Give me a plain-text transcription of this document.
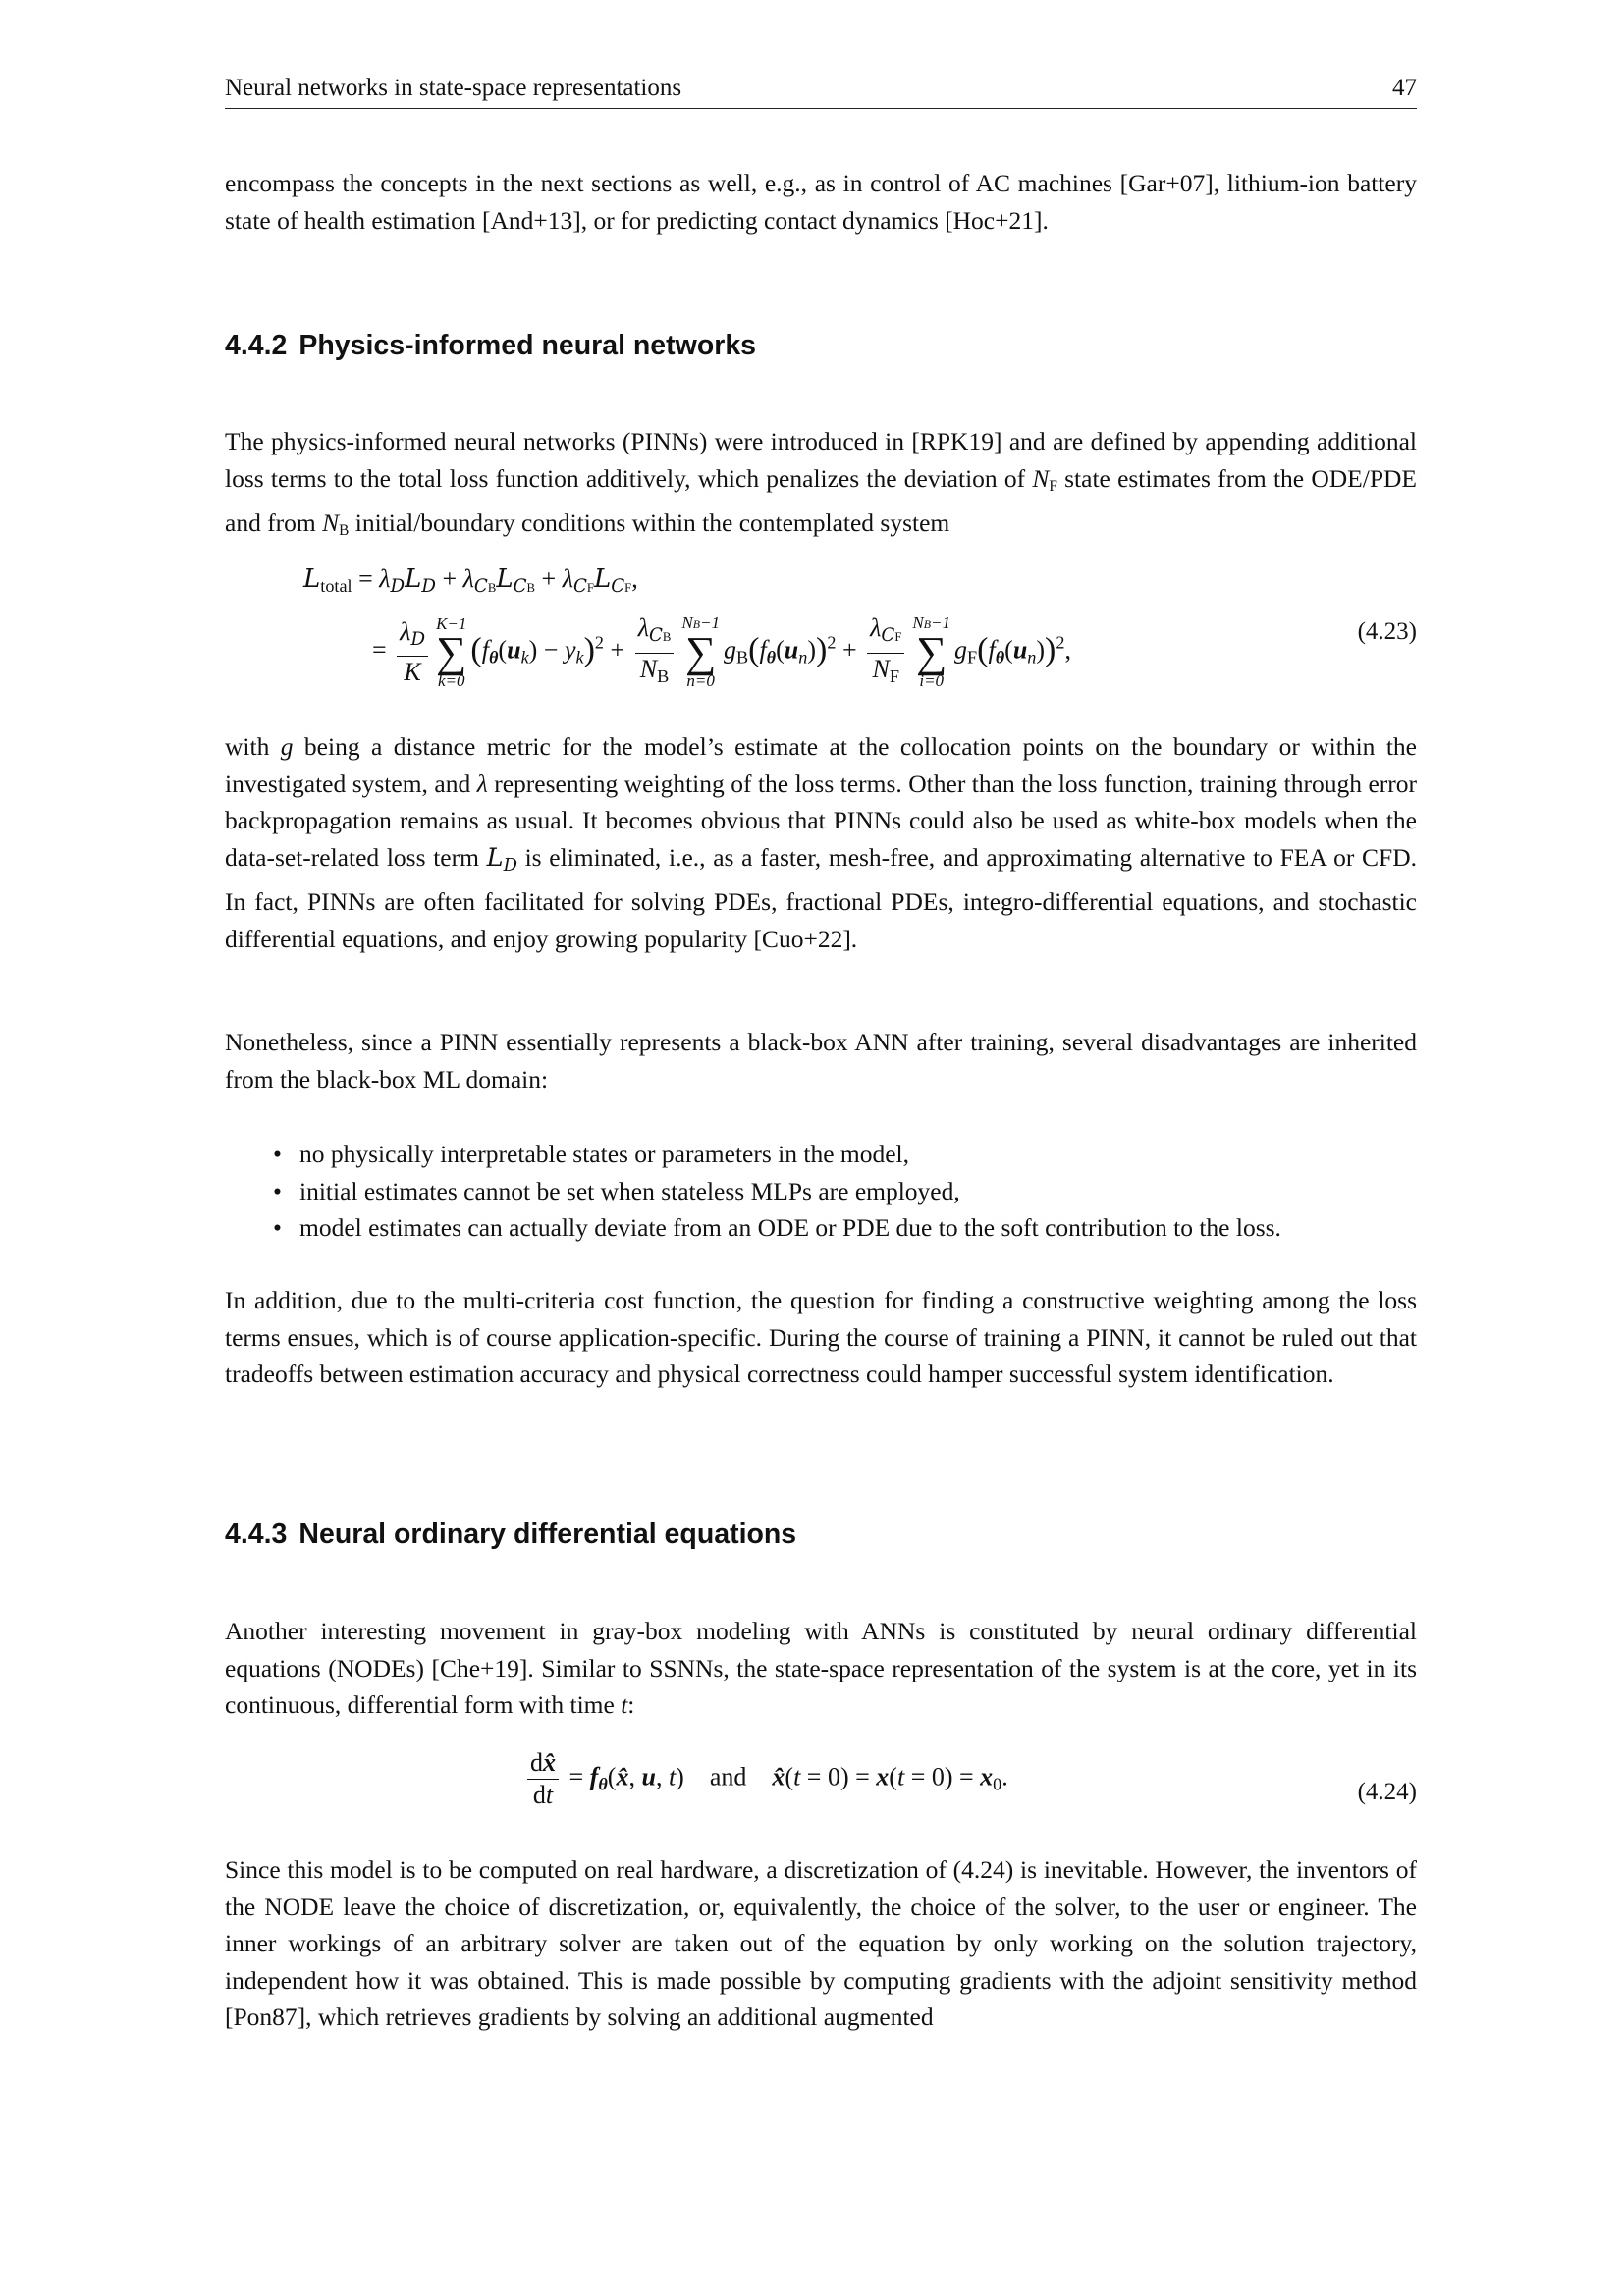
Neural networks in state-space representations	47

encompass the concepts in the next sections as well, e.g., as in control of AC machines [Gar+07], lithium-ion battery state of health estimation [And+13], or for predicting contact dynamics [Hoc+21].

4.4.2 Physics-informed neural networks

The physics-informed neural networks (PINNs) were introduced in [RPK19] and are defined by appending additional loss terms to the total loss function additively, which penalizes the deviation of NF state estimates from the ODE/PDE and from NB initial/boundary conditions within the contemplated system

$L_{total} = \lambda_DL_D + \lambda_{CB}L_{CB} + \lambda_{CF}L_{CF}$,
= $\frac{\lambda_D}{K} K-1$
∑
k=0
$(f_\theta(u_k) - y_k)^2 + \frac{\lambda_{CB}}{N_B} NB-1$
∑
n=0
$g_B(f_\theta(u_n))^2 + \frac{\lambda_{CF}}{N_F} NB-1$
∑
i=0
$g_F(f_\theta(u_n))^2$,
(4.23)

with g being a distance metric for the model’s estimate at the collocation points on the boundary or within the investigated system, and λ representing weighting of the loss terms. Other than the loss function, training through error backpropagation remains as usual. It becomes obvious that PINNs could also be used as white-box models when the data-set-related loss term $L_D$ is eliminated, i.e., as a faster, mesh-free, and approximating alternative to FEA or CFD. In fact, PINNs are often facilitated for solving PDEs, fractional PDEs, integro-differential equations, and stochastic differential equations, and enjoy growing popularity [Cuo+22].

Nonetheless, since a PINN essentially represents a black-box ANN after training, several disadvantages are inherited from the black-box ML domain:

• no physically interpretable states or parameters in the model,
• initial estimates cannot be set when stateless MLPs are employed,
• model estimates can actually deviate from an ODE or PDE due to the soft contribution to the loss.

In addition, due to the multi-criteria cost function, the question for finding a constructive weighting among the loss terms ensues, which is of course application-specific. During the course of training a PINN, it cannot be ruled out that tradeoffs between estimation accuracy and physical correctness could hamper successful system identification.

4.4.3 Neural ordinary differential equations

Another interesting movement in gray-box modeling with ANNs is constituted by neural ordinary differential equations (NODEs) [Che+19]. Similar to SSNNs, the state-space representation of the system is at the core, yet in its continuous, differential form with time t:

$\frac{dx̂}{dt}$ = $f_\theta(x̂$, u, t)    and x̂(t = $0) = x(t = 0) = x_0$.
(4.24)

Since this model is to be computed on real hardware, a discretization of (4.24) is inevitable. However, the inventors of the NODE leave the choice of discretization, or, equivalently, the choice of the solver, to the user or engineer. The inner workings of an arbitrary solver are taken out of the equation by only working on the solution trajectory, independent how it was obtained. This is made possible by computing gradients with the adjoint sensitivity method [Pon87], which retrieves gradients by solving an additional augmented
